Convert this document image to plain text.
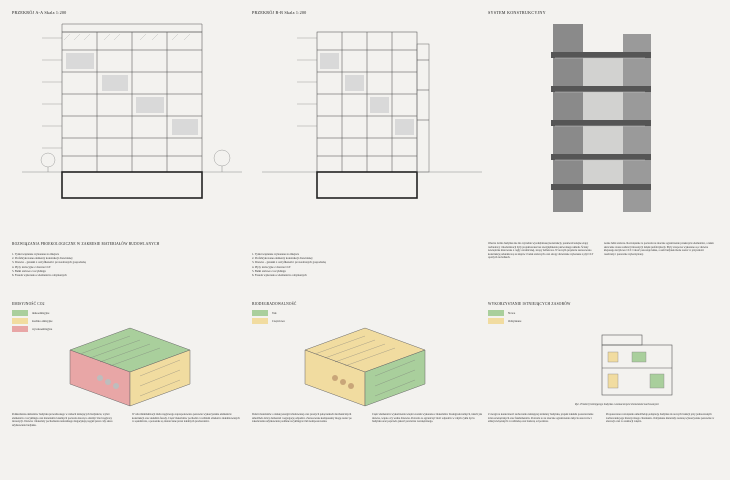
PRZEKRÓJ A-A Skala 1:200	PRZEKRÓJ B-B Skala 1:200	SYSTEM KONSTRUKCYJNY
ROZWIĄZANIA PROEKOLOGICZNE W ZAKRESIE MATERIAŁÓW BUDOWLANYCH
1. Tynki wapienne wykonane na miejscu
2. Prefabrykowane elementy konstrukcji drewnianej
3. Drewno - gatunki z certyfikatem i prowadzonych gospodarką
4. Płyty izolacyjne z drewna CLT
5. Belki stalowe z recyklingu
6. Fasada wykonana z elementów odzyskanych
1. Tynki wapienne wykonane na miejscu
2. Prefabrykowane elementy konstrukcji drewnianej
3. Drewno - gatunki z certyfikatem i prowadzonych gospodarką
4. Płyty izolacyjne z drewna CLT
5. Belki stalowe z recyklingu
6. Fasada wykonana z elementów odzyskanych
Obecna forma budynku nie ma wyraźnie wyodrębnionej konstrukcji, ponieważ kolejne etapy rozbudowy i modernizacji były projektowane bez uwzględnienia pierwotnego układu. Ściany zewnętrzne murowane z cegły ceramicznej, stropy żelbetowe. W nowym projekcie zastosowano konstrukcję szkieletową ze słupów i belek stalowych oraz stropy drewniane wykonane z płyt CLT opartych na belkach.
nośne belki stalowe. Rozwiązanie to pozwala na znaczne ograniczenie przekrojów elementów, a także skrócenie czasu realizacji inwestycji dzięki prefabrykacji. Płyty stropowe wykonane są z drewna klejonego krzyżowo CLT. Całość pozostaje lekka, a sam budynek może zostać w przyszłości rozebrany i ponownie wykorzystany.
EMISYJNOŚĆ CO2
niskoemisyjne
średnio emisyjne
wysokoemisyjne
BIODEGRADOWALNOŚĆ
Tak
Częściowo
WYKORZYSTANIE ISTNIEJĄCYCH ZASOBÓW
Nowe
Odzyskane
Ryc. Przekrój istniejącego budynku z zaznaczonymi elementami zachowanymi
Podkreślenie elementów budynku prowadzonego w ramach istniejących budynków, wybór elementów z recyklingu oraz materiałów lokalnych pozwala znacząco obniżyć ślad węglowy inwestycji. Drewno i materiały pochodzenia naturalnego magazynują węgiel przez cały okres użytkowania budynku.
W celu minimalizacji śladu węglowego zaproponowano ponowne wykorzystanie elementów konstrukcji oraz okładzin fasady. Część materiałów pochodzi z rozbiórki obiektów zlokalizowanych w sąsiedztwie, a pozostałe są dostarczane przez lokalnych producentów.
Dobór materiałów o niskiej energii wbudowanej oraz prostych połączeniach mechanicznych umożliwia łatwy demontaż i segregację odpadów. Zastosowane komponenty mogą zostać po zakończeniu użytkowania poddane recyklingowi lub kompostowaniu.
Część elementów wykończenia wnętrz została wykonana z materiałów biodegradowalnych, takich jak drewno, wapno czy wełna drzewna. Pozwala to ograniczyć ilość odpadów w całym cyklu życia budynku oraz poprawia jakość powietrza wewnętrznego.
Z uwagi na konieczność zachowania istniejącej struktury budynku, projekt zakłada pozostawienie ścian zewnętrznych oraz fundamentów. Pozwala to na znaczne ograniczenie zużycia surowców i emisji związanych z rozbiórką oraz budową od podstaw.
Proponowane rozwiązania umożliwiają adaptację budynku do nowych funkcji przy jednoczesnym zachowaniu jego historycznego charakteru. Odzyskane materiały zostaną wykorzystane ponownie w elewacji oraz w aranżacji wnętrz.
